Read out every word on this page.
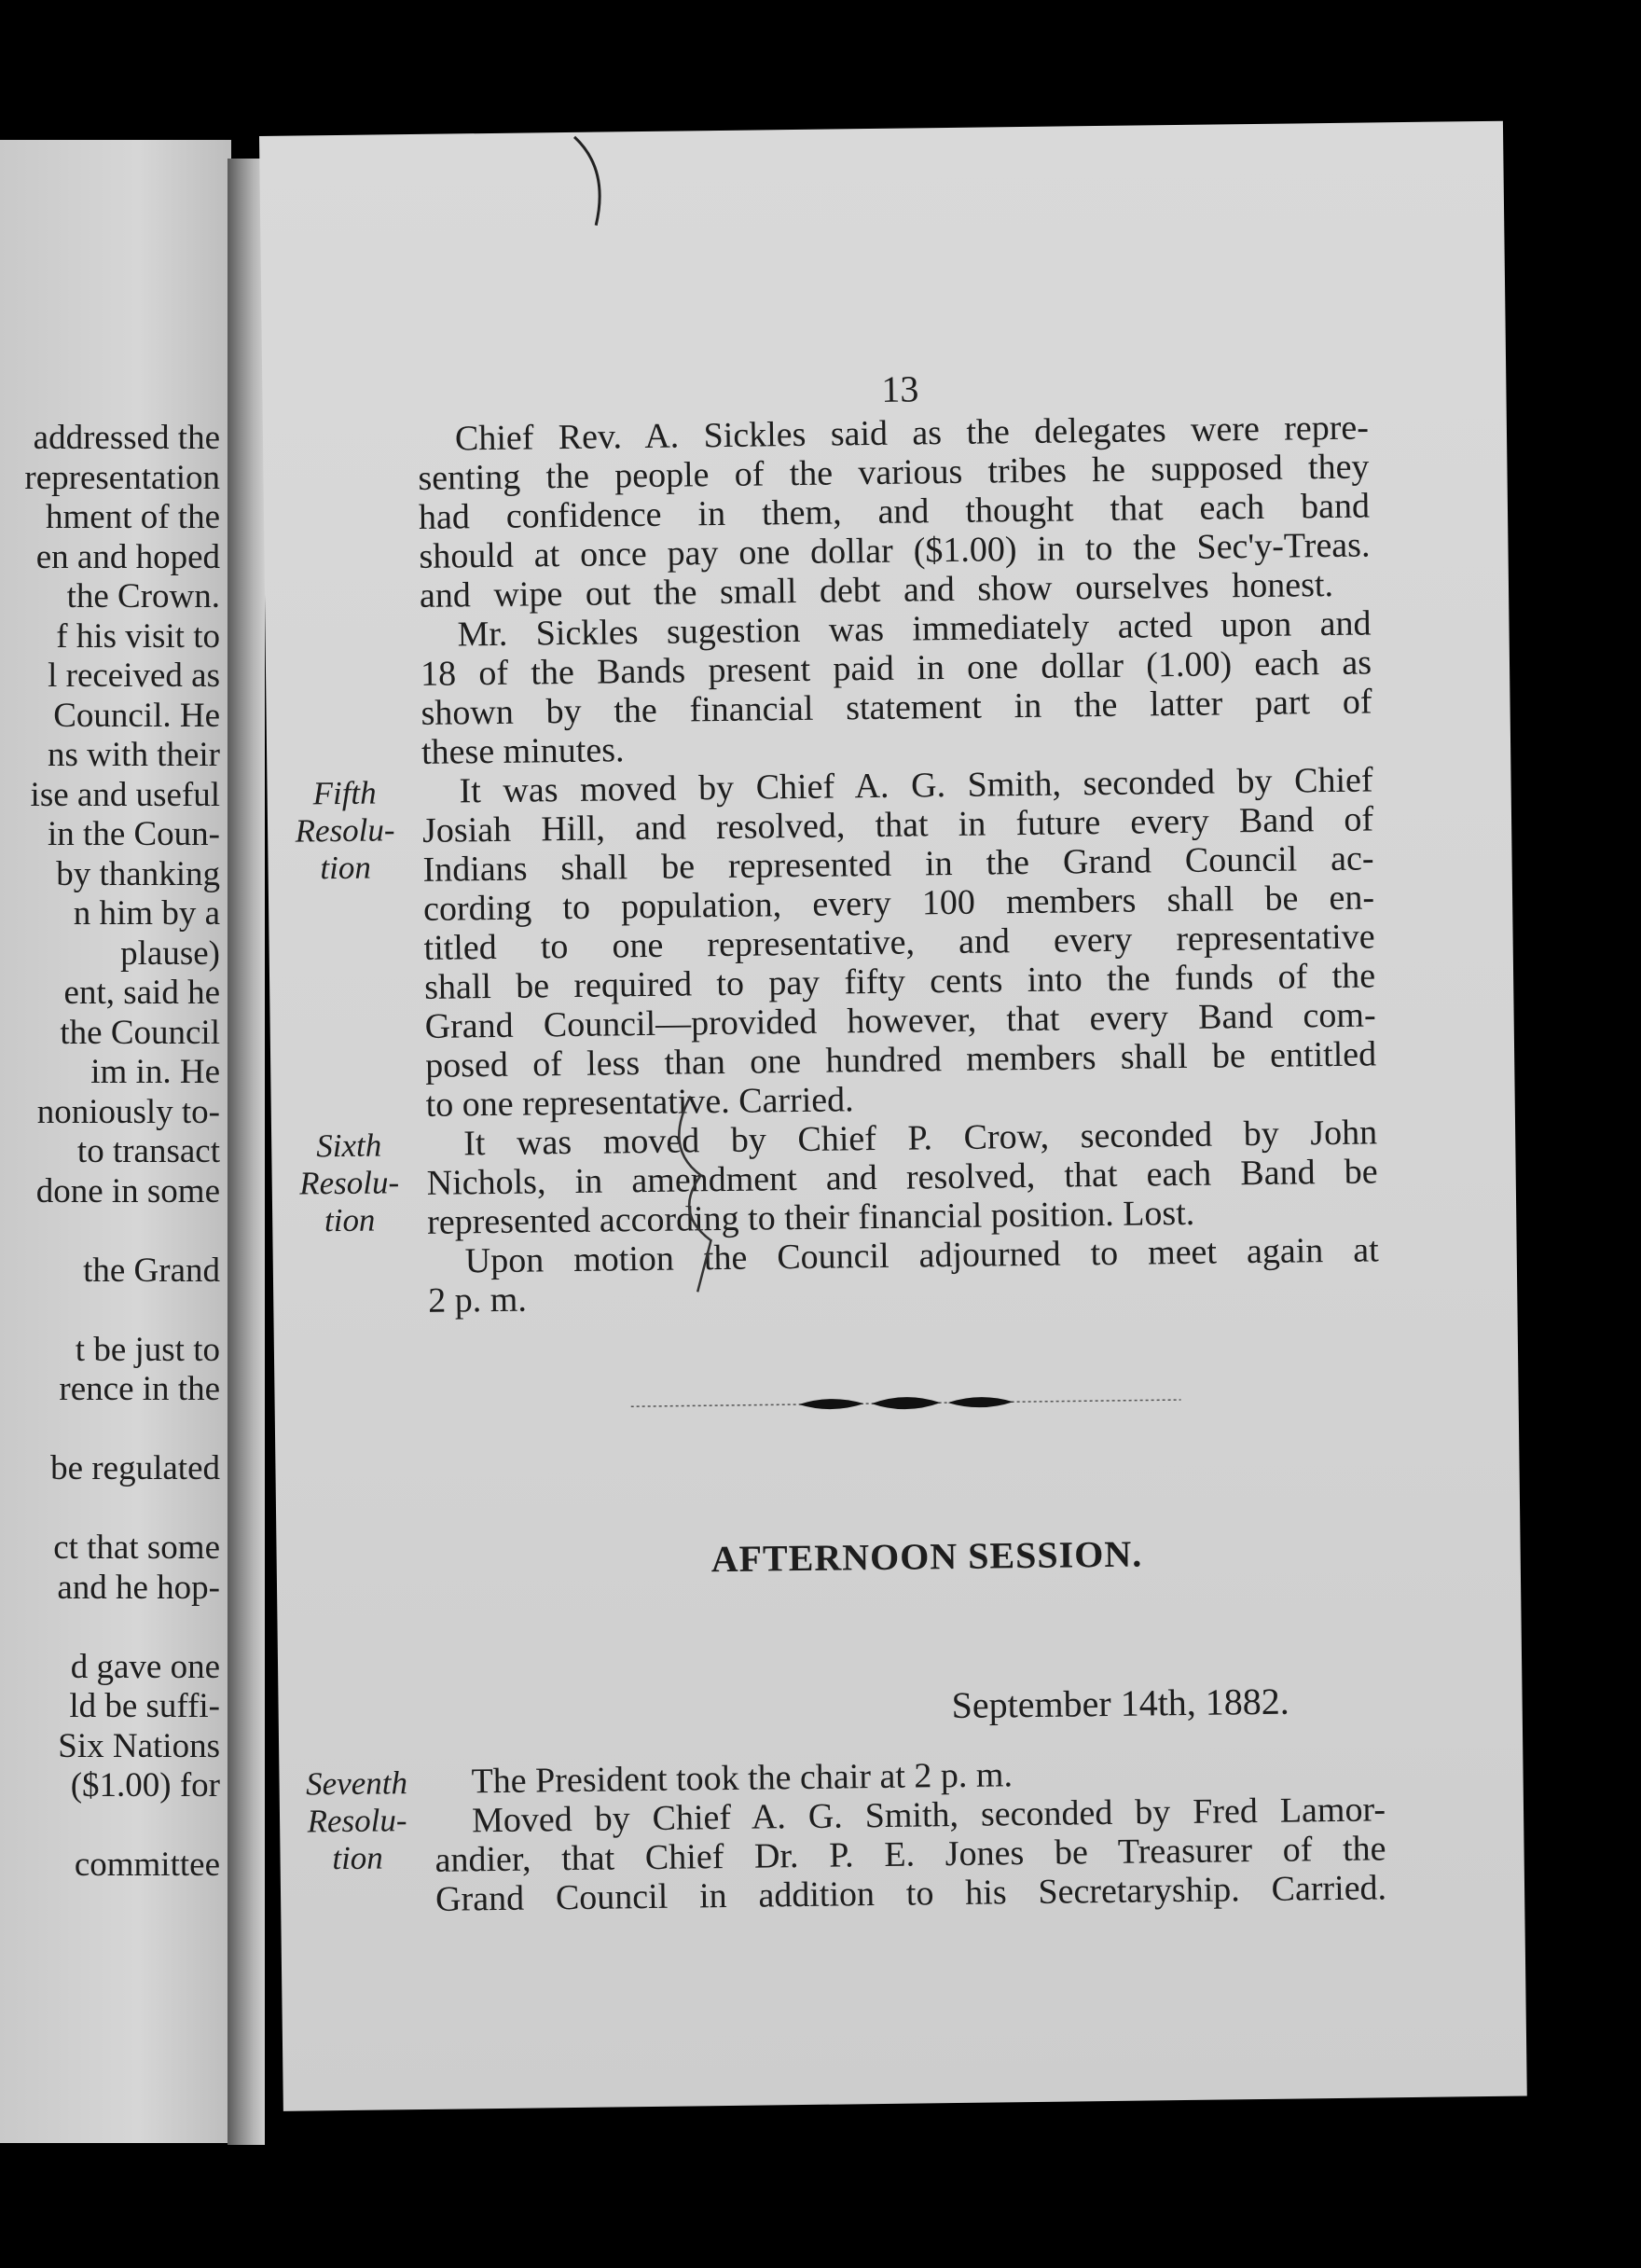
addressed the
representation
hment of the
en and hoped
the Crown.
f his visit to
l received as
Council. He
ns with their
ise and useful
in the Coun-
by thanking
n him by a
plause)
ent, said he
the Council
im in. He
noniously to-
to transact
done in some
the Grand
t be just to
rence in the
be regulated
ct that some
and he hop-
d gave one
ld be suffi-
Six Nations
($1.00) for
committee
13
Chief Rev. A. Sickles said as the delegates were repre-
senting the people of the various tribes he supposed they
had confidence in them, and thought that each band
should at once pay one dollar ($1.00) in to the Sec'y-Treas.
and wipe out the small debt and show ourselves honest.
Mr. Sickles sugestion was immediately acted upon and
18 of the Bands present paid in one dollar (1.00) each as
shown by the financial statement in the latter part of
these minutes.
It was moved by Chief A. G. Smith, seconded by Chief
Josiah Hill, and resolved, that in future every Band of
Indians shall be represented in the Grand Council ac-
cording to population, every 100 members shall be en-
titled to one representative, and every representative
shall be required to pay fifty cents into the funds of the
Grand Council—provided however, that every Band com-
posed of less than one hundred members shall be entitled
to one representative. Carried.
It was moved by Chief P. Crow, seconded by John
Nichols, in amendment and resolved, that each Band be
represented according to their financial position. Lost.
Upon motion the Council adjourned to meet again at
2 p. m.
Fifth
Resolu-
tion
Sixth
Resolu-
tion
AFTERNOON SESSION.
September 14th, 1882.
The President took the chair at 2 p. m.
Moved by Chief A. G. Smith, seconded by Fred Lamor-
andier, that Chief Dr. P. E. Jones be Treasurer of the
Grand Council in addition to his Secretaryship. Carried.
Seventh
Resolu-
tion
